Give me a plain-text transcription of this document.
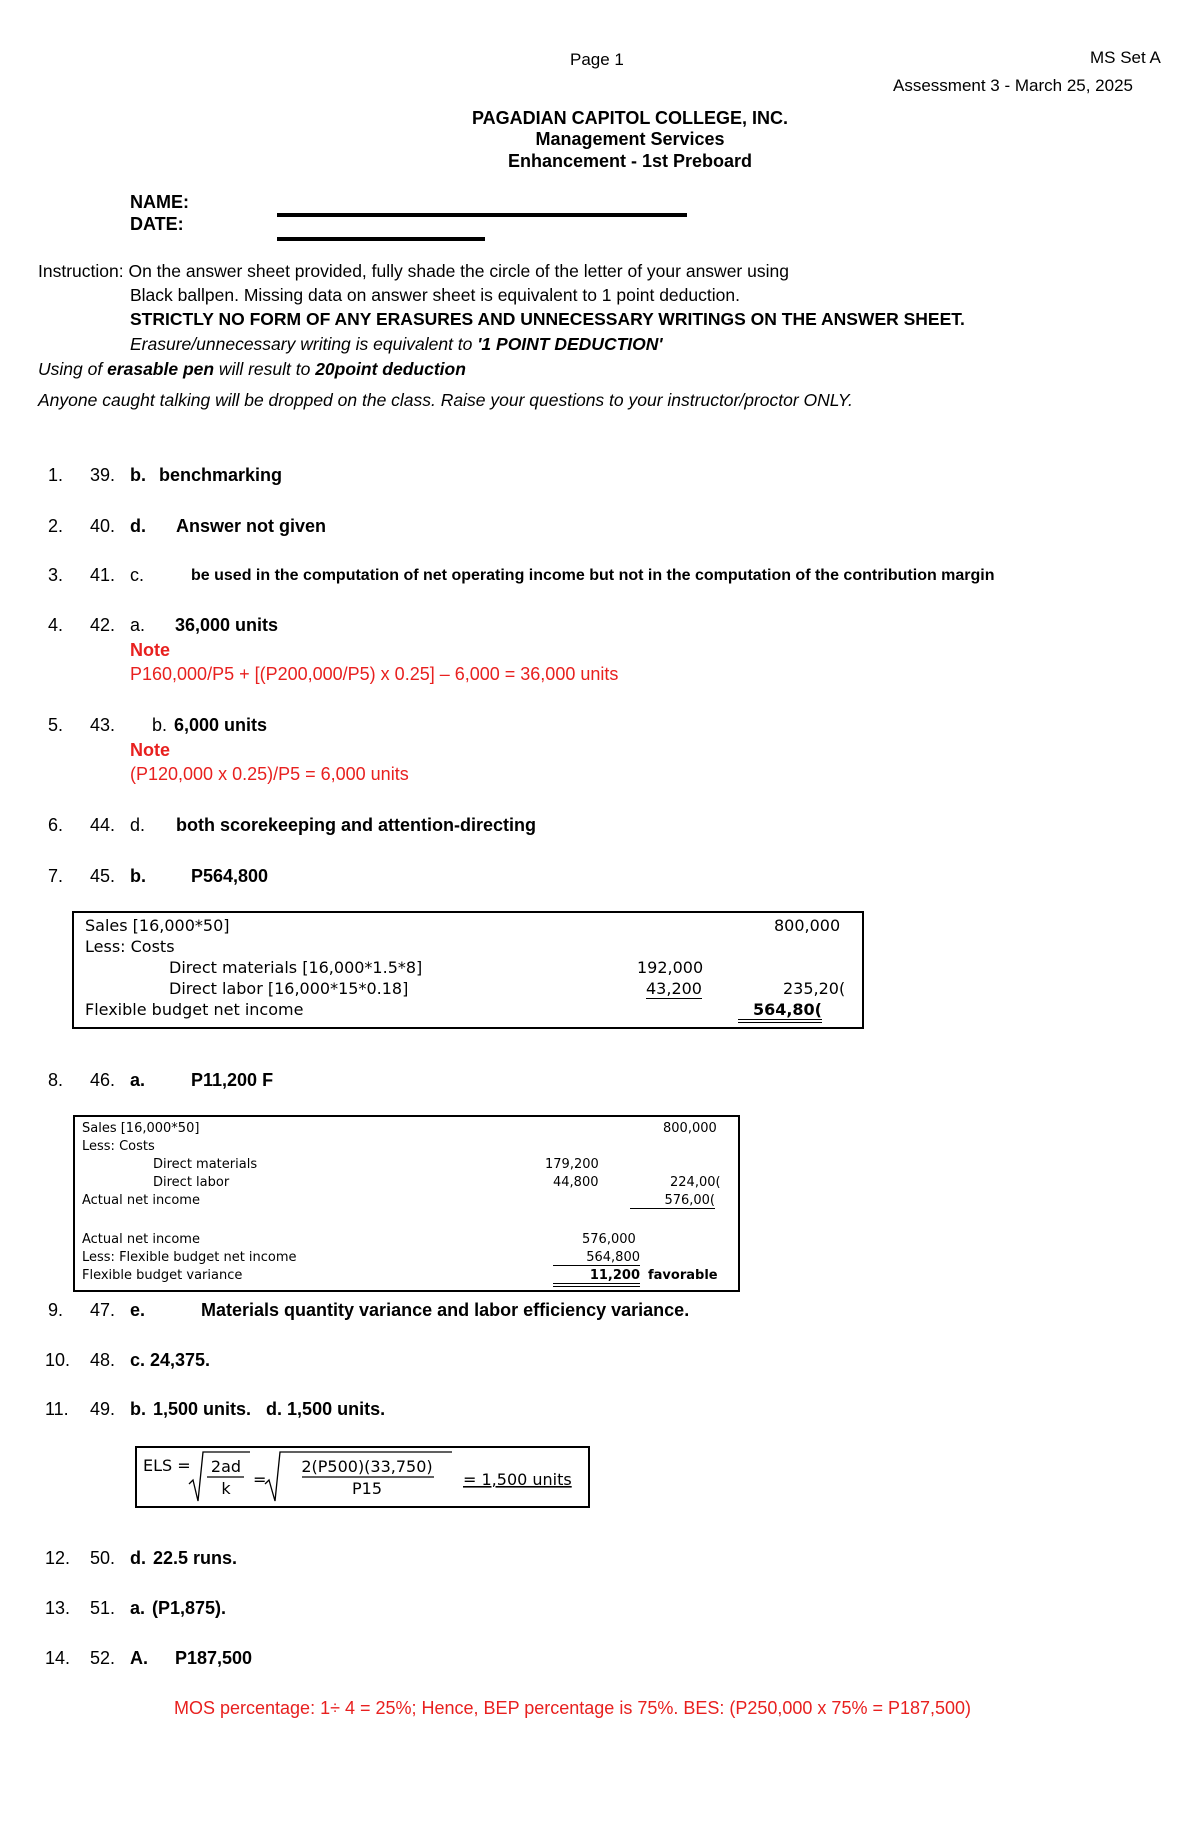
Page 1	MS Set A
Assessment 3 - March 25, 2025
PAGADIAN CAPITOL COLLEGE, INC.
Management Services
Enhancement - 1st Preboard
NAME:
DATE:
Instruction: On the answer sheet provided, fully shade the circle of the letter of your answer using
Black ballpen. Missing data on answer sheet is equivalent to 1 point deduction.
STRICTLY NO FORM OF ANY ERASURES AND UNNECESSARY WRITINGS ON THE ANSWER SHEET.
Erasure/unnecessary writing is equivalent to '1 POINT DEDUCTION'
Using of erasable pen will result to 20point deduction
Anyone caught talking will be dropped on the class. Raise your questions to your instructor/proctor ONLY.
1. 39. b. benchmarking
2. 40. d. Answer not given
3. 41. c.	be used in the computation of net operating income but not in the computation of the contribution margin
4. 42. a. 36,000 units
Note
P160,000/P5 + [(P200,000/P5) x 0.25] – 6,000 = 36,000 units
5. 43. b. 6,000 units
Note
(P120,000 x 0.25)/P5 = 6,000 units
6. 44. d. both scorekeeping and attention-directing
7. 45. b.	P564,800
Sales [16,000*50]	800,000
Less: Costs
Direct materials [16,000*1.5*8]	192,000
Direct labor [16,000*15*0.18]	43,200	235,20(
Flexible budget net income	564,80(
8. 46. a.	P11,200 F
Sales [16,000*50]	800,000
Less: Costs
Direct materials	179,200
Direct labor	44,800	224,00(
Actual net income	576,00(
Actual net income	576,000
Less: Flexible budget net income	564,800
Flexible budget variance	11,200 favorable
9. 47. e.	Materials quantity variance and labor efficiency variance.
10. 48. c. 24,375.
11. 49. b. 1,500 units.   d. 1,500 units.
ELS = 2ad
k =
2(P500)(33,750)
P15	= 1,500 units
12. 50. d. 22.5 runs.
13. 51. a. (P1,875).
14. 52. A. P187,500
MOS percentage: 1÷ 4 = 25%; Hence, BEP percentage is 75%. BES: (P250,000 x 75% = P187,500)
